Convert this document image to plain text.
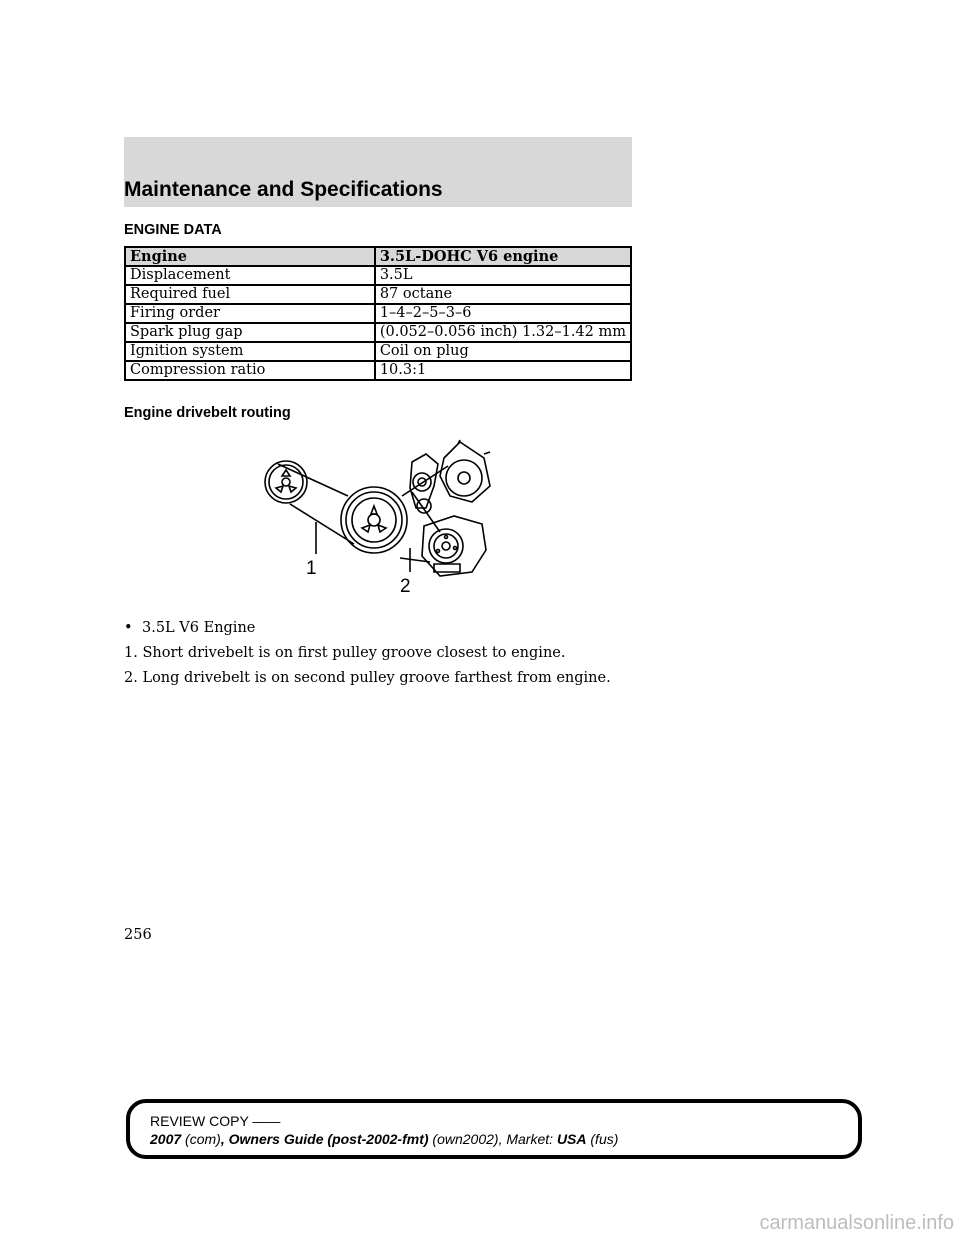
Maintenance and Specifications
ENGINE DATA
Engine	3.5L-DOHC V6 engine
Displacement	3.5L
Required fuel	87 octane
Firing order	1–4–2–5–3–6
Spark plug gap	(0.052–0.056 inch) 1.32–1.42 mm
Ignition system	Coil on plug
Compression ratio	10.3:1
Engine drivebelt routing
1
2
• 3.5L V6 Engine
1. Short drivebelt is on first pulley groove closest to engine.
2. Long drivebelt is on second pulley groove farthest from engine.
256
REVIEW COPY ——
2007 (com), Owners Guide (post-2002-fmt) (own2002), Market: USA (fus)
carmanualsonline.info
